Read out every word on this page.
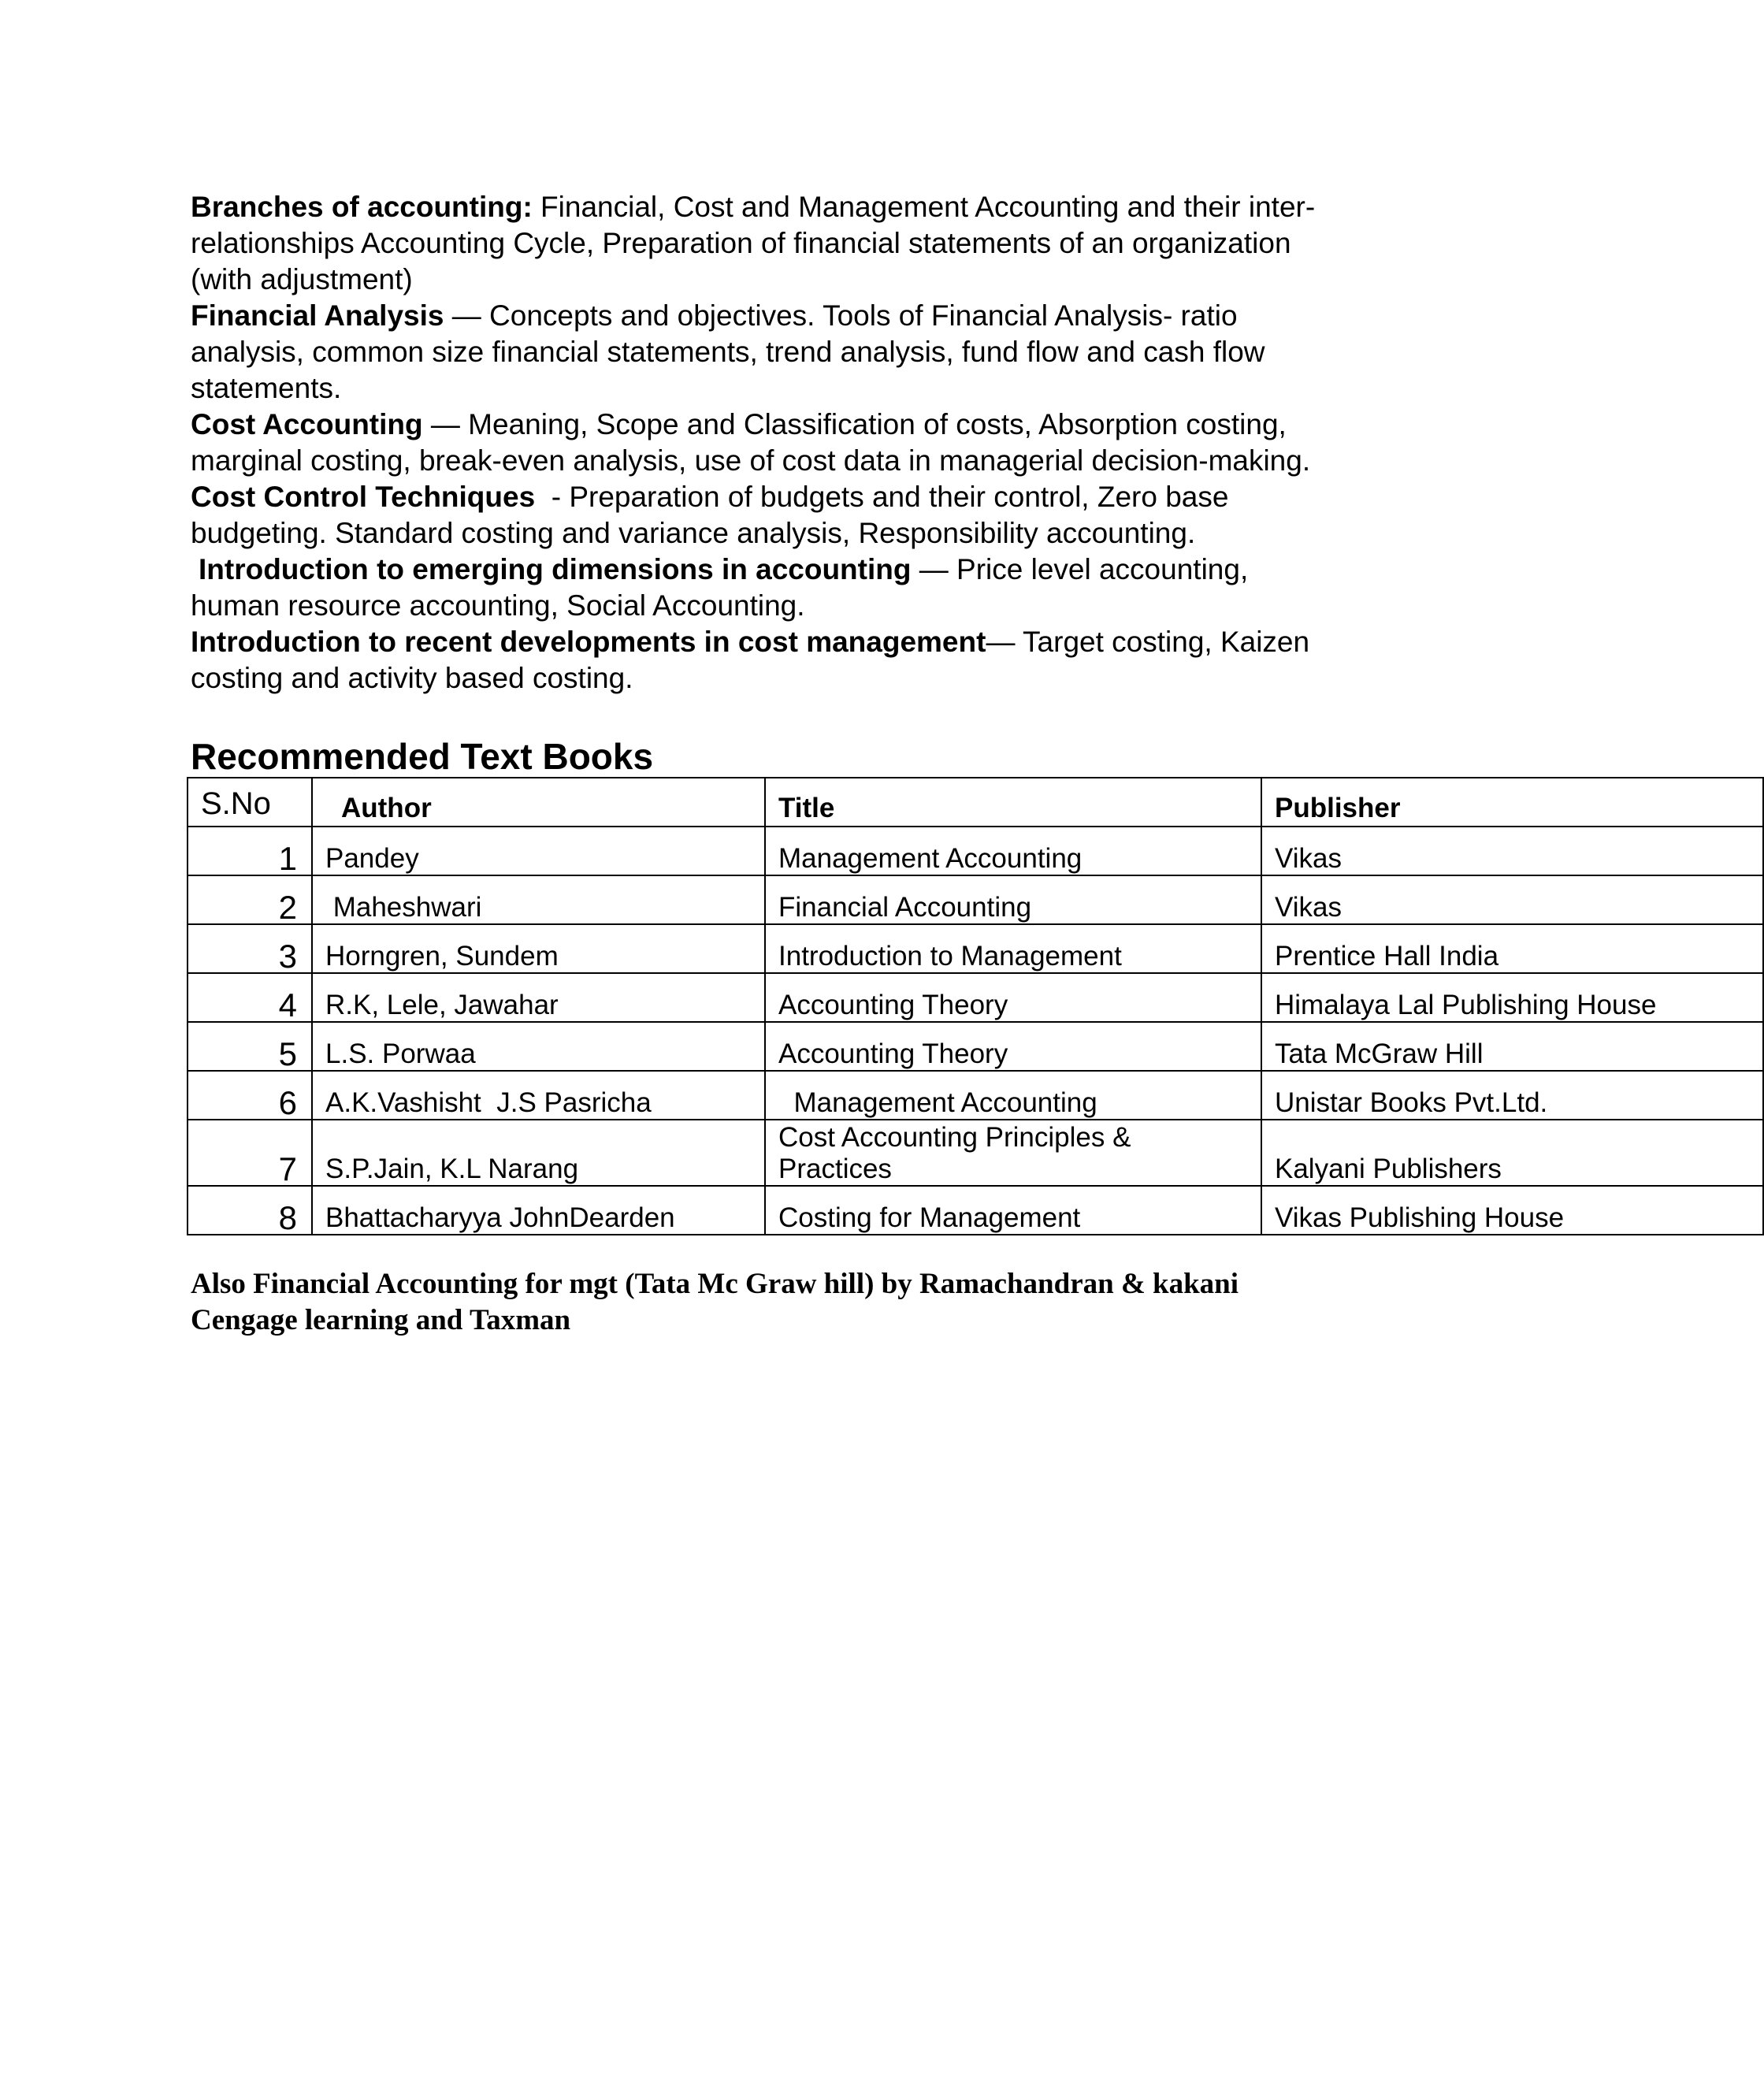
Branches of accounting: Financial, Cost and Management Accounting and their inter-
relationships Accounting Cycle, Preparation of financial statements of an organization
(with adjustment)

Financial Analysis — Concepts and objectives. Tools of Financial Analysis- ratio
analysis, common size financial statements, trend analysis, fund flow and cash flow
statements.

Cost Accounting — Meaning, Scope and Classification of costs, Absorption costing,
marginal costing, break-even analysis, use of cost data in managerial decision-making.

Cost Control Techniques  - Preparation of budgets and their control, Zero base
budgeting. Standard costing and variance analysis, Responsibility accounting.

Introduction to emerging dimensions in accounting — Price level accounting,
human resource accounting, Social Accounting.

Introduction to recent developments in cost management— Target costing, Kaizen
costing and activity based costing.

Recommended Text Books
S.No	Author	Title	Publisher
1	Pandey	Management Accounting	Vikas
2	Maheshwari	Financial Accounting	Vikas
3	Horngren, Sundem	Introduction to Management	Prentice Hall India
4	R.K, Lele, Jawahar	Accounting Theory	Himalaya Lal Publishing House
5	L.S. Porwaa	Accounting Theory	Tata McGraw Hill
6	A.K.Vashisht  J.S Pasricha	Management Accounting	Unistar Books Pvt.Ltd.
7	S.P.Jain, K.L Narang	Cost Accounting Principles &
Practices	Kalyani Publishers
8	Bhattacharyya JohnDearden	Costing for Management	Vikas Publishing House

Also Financial Accounting for mgt (Tata Mc Graw hill) by Ramachandran & kakani

Cengage learning and Taxman
